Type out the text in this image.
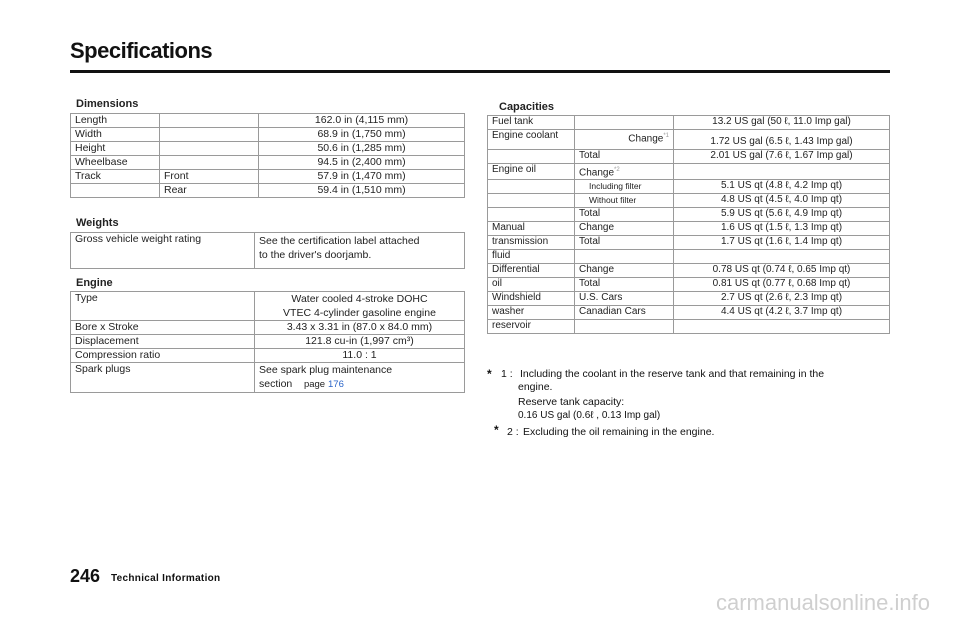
Specifications
Dimensions
Length		162.0 in (4,115 mm)
Width		68.9 in (1,750 mm)
Height		50.6 in (1,285 mm)
Wheelbase		94.5 in (2,400 mm)
Track	Front	57.9 in (1,470 mm)
	Rear	59.4 in (1,510 mm)
Weights
Gross vehicle weight rating	See the certification label attached
to the driver's doorjamb.
Engine
Type	Water cooled 4-stroke DOHC
VTEC 4-cylinder gasoline engine

Bore x Stroke	3.43 x 3.31 in (87.0 x 84.0 mm)
Displacement	121.8 cu-in (1,997 cm³)
Compression ratio	11.0 : 1
Spark plugs	See spark plug maintenance
section page 176
Capacities
Fuel tank		13.2 US gal (50 ℓ, 11.0 Imp gal)
Engine coolant	Change$^{*1}$	1.72 US gal (6.5 ℓ, 1.43 Imp gal)
	Total	2.01 US gal (7.6 ℓ, 1.67 Imp gal)
Engine oil	Change$^{*2}$	
	Including filter	5.1 US qt (4.8 ℓ, 4.2 Imp qt)
	Without filter	4.8 US qt (4.5 ℓ, 4.0 Imp qt)
	Total	5.9 US qt (5.6 ℓ, 4.9 Imp qt)
Manual	Change	1.6 US qt (1.5 ℓ, 1.3 Imp qt)
transmission	Total	1.7 US qt (1.6 ℓ, 1.4 Imp qt)
fluid		
Differential	Change	0.78 US qt (0.74 ℓ, 0.65 Imp qt)
oil	Total	0.81 US qt (0.77 ℓ, 0.68 Imp qt)
Windshield	U.S. Cars	2.7 US qt (2.6 ℓ, 2.3 Imp qt)
washer	Canadian Cars	4.4 US qt (4.2 ℓ, 3.7 Imp qt)
reservoir		
* 1 : Including the coolant in the reserve tank and that remaining in the
engine.
Reserve tank capacity:
0.16 US gal (0.6ℓ , 0.13 Imp gal)
* 2 : Excluding the oil remaining in the engine.
246 Technical Information
carmanualsonline.info
